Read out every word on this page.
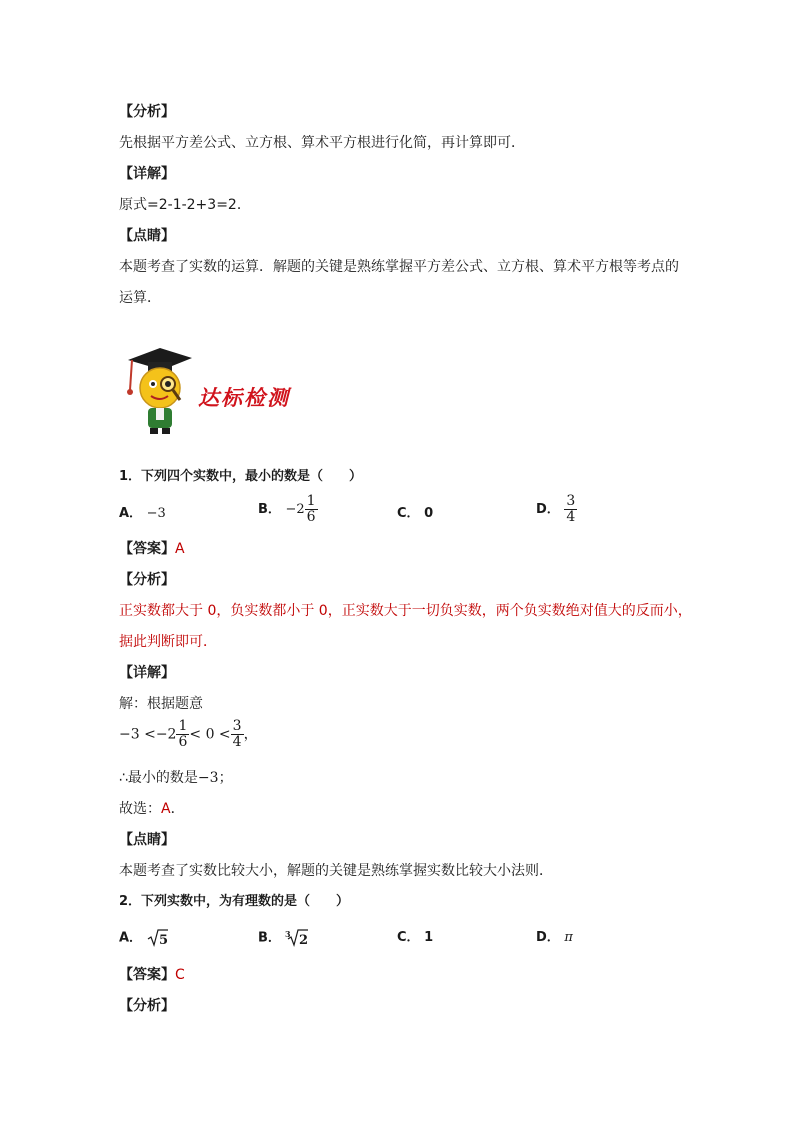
【分析】
先根据平方差公式、立方根、算术平方根进行化简，再计算即可．
【详解】
原式=2-1-2+3=2．
【点睛】
本题考查了实数的运算．解题的关键是熟练掌握平方差公式、立方根、算术平方根等考点的
运算．
达标检测
1．下列四个实数中，最小的数是（　　）
A． −3	B． $-2 \frac{1}{6}$	C． 0	D． $\frac{3}{4}$
【答案】A
【分析】
正实数都大于 0，负实数都小于 0，正实数大于一切负实数，两个负实数绝对值大的反而小，
据此判断即可．
【详解】
解：根据题意
$-3 <-2 \frac{1}{6} < 0 < \frac{3}{4}$ ，
∴最小的数是−3；
故选：A．
【点睛】
本题考查了实数比较大小，解题的关键是熟练掌握实数比较大小法则．
2．下列实数中，为有理数的是（　　）
A． 5	B． 3 2	C． 1	D． π
【答案】C
【分析】
